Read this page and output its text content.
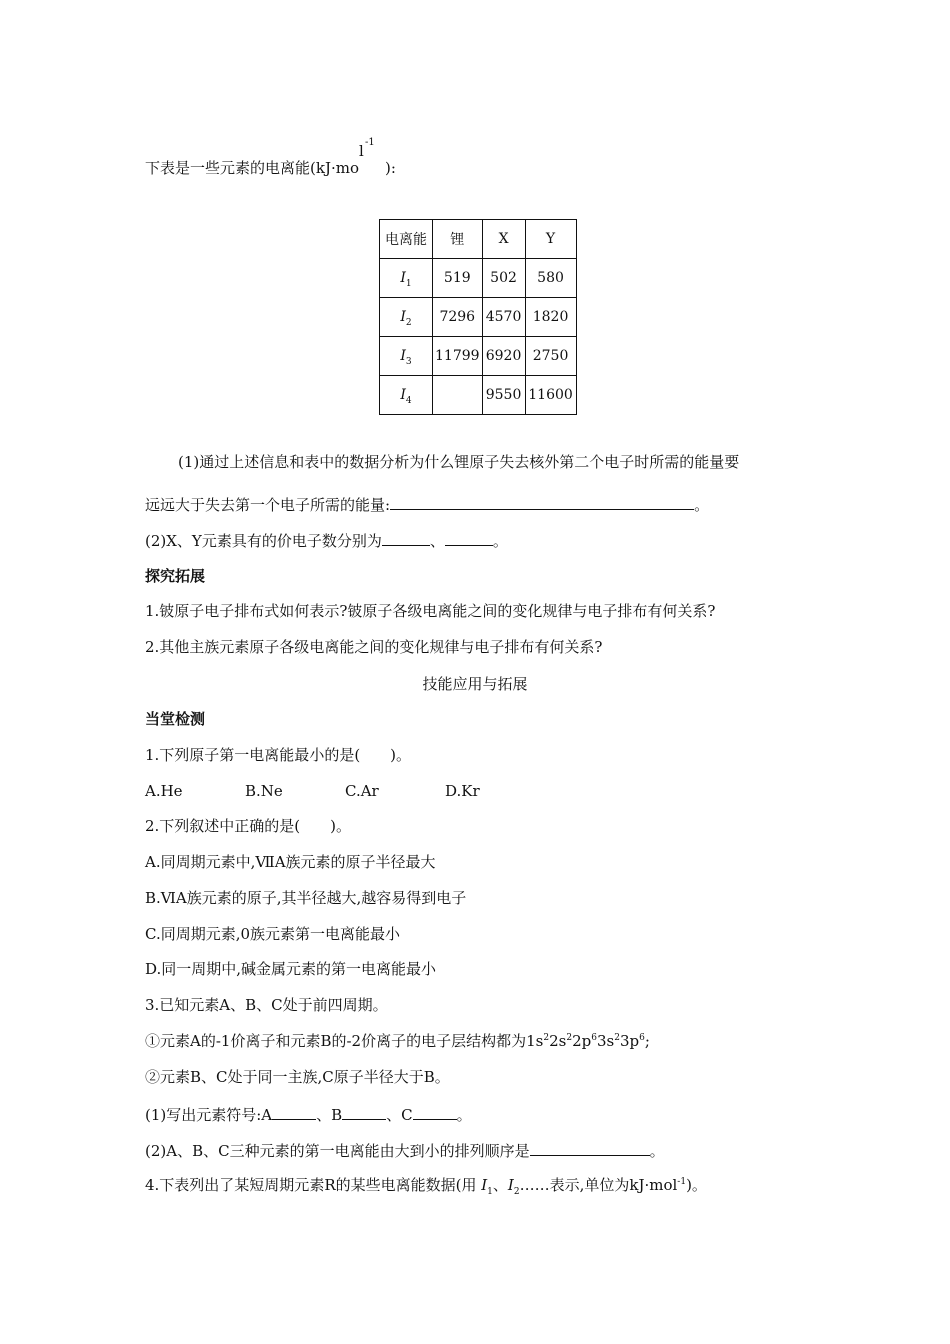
下表是一些元素的电离能(kJ·mo
l -1
):
电离能	锂	X	Y
$I_1$	519	502	580
$I_2$	7296	4570	1820
$I_3$	11799	6920	2750
$I_4$		9550	11600
(1)通过上述信息和表中的数据分析为什么锂原子失去核外第二个电子时所需的能量要
远远大于失去第一个电子所需的能量:	。
(2)X、Y元素具有的价电子数分别为	、	。
探究拓展
1.铍原子电子排布式如何表示?铍原子各级电离能之间的变化规律与电子排布有何关系?
2.其他主族元素原子各级电离能之间的变化规律与电子排布有何关系?
技能应用与拓展
当堂检测
1.下列原子第一电离能最小的是(　　)。
A.He	B.Ne	C.Ar	D.Kr
2.下列叙述中正确的是(　　)。
A.同周期元素中,ⅦA族元素的原子半径最大
B.ⅥA族元素的原子,其半径越大,越容易得到电子
C.同周期元素,0族元素第一电离能最小
D.同一周期中,碱金属元素的第一电离能最小
3.已知元素A、B、C处于前四周期。
①元素A的-1价离子和元素B的-2价离子的电子层结构都为$1s^22s^22p^63s^23p^6$;
②元素B、C处于同一主族,C原子半径大于B。
(1)写出元素符号:A	、B	、C	。
(2)A、B、C三种元素的第一电离能由大到小的排列顺序是	。
4.下表列出了某短周期元素R的某些电离能数据(用 $I_1$、$I_2\dots\dots$表示,单位为kJ·mol$^{-1}$)。
